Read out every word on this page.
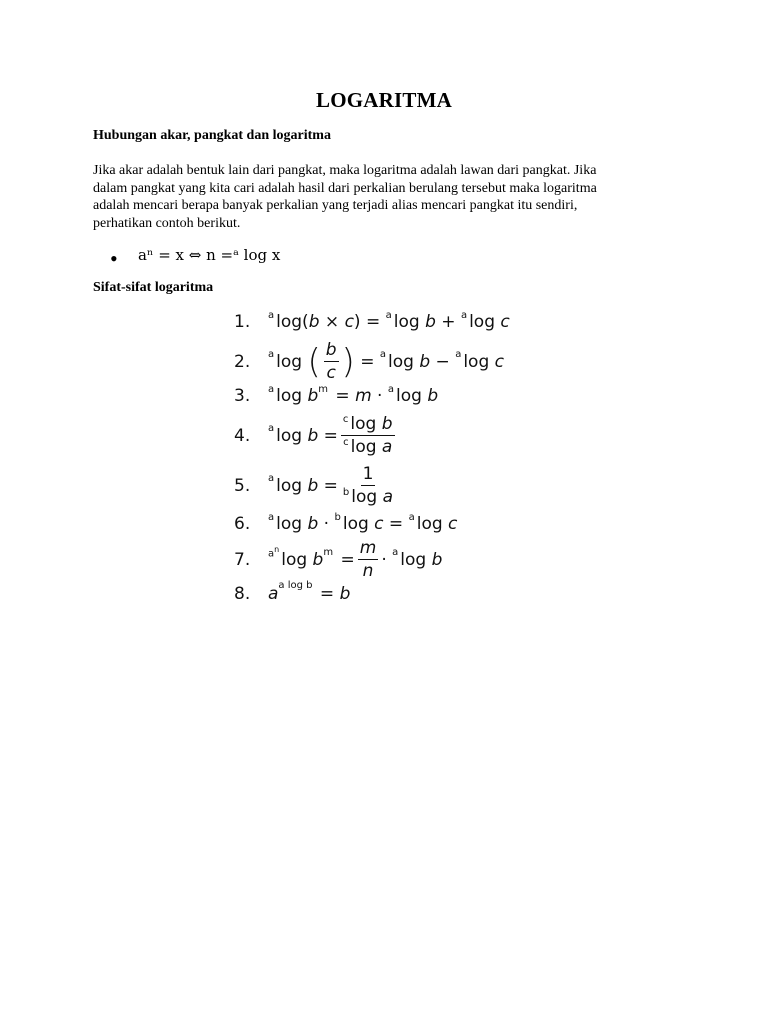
LOGARITMA
Hubungan akar, pangkat dan logaritma
Jika akar adalah bentuk lain dari pangkat, maka logaritma adalah lawan dari pangkat. Jika
dalam pangkat yang kita cari adalah hasil dari perkalian berulang tersebut maka logaritma
adalah mencari berapa banyak perkalian yang terjadi alias mencari pangkat itu sendiri,
perhatikan contoh berikut.
• aⁿ = x ⇔ n =ᵃ log x
Sifat-sifat logaritma
1.	a log( b × c ) = a log b + a log c
2.	a log ( $\frac{b}{c}$ ) = a log b − a log c
3.	a log b m = m · a log b
4.	a $\log b = \frac{^c \log b}{^c \log a}$
5.	a $\log b = \frac{1}{^b \log a}$
6.	a log b · b log c = a log c
7.	$a^n$ log b $m = \frac{m}{n} \cdot a$ log b
8.	a a log b = b
